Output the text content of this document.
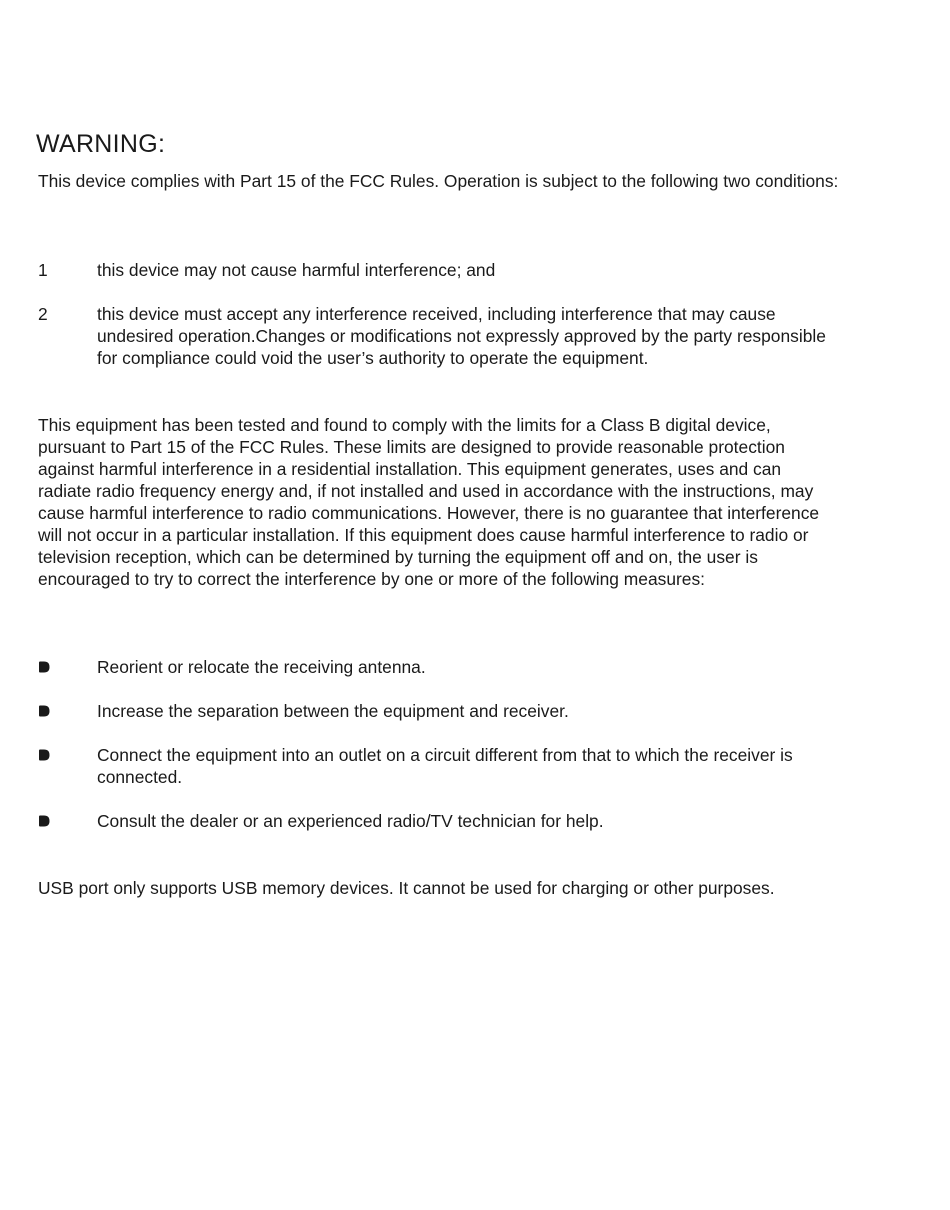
WARNING:

This device complies with Part 15 of the FCC Rules. Operation is subject to the following two conditions:

1	this device may not cause harmful interference; and
2	this device must accept any interference received, including interference that may cause undesired operation.Changes or modifications not expressly approved by the party responsible for compliance could void the user’s authority to operate the equipment.

This equipment has been tested and found to comply with the limits for a Class B digital device, pursuant to Part 15 of the FCC Rules. These limits are designed to provide reasonable protection against harmful interference in a residential installation. This equipment generates, uses and can radiate radio frequency energy and, if not installed and used in accordance with the instructions, may cause harmful interference to radio communications. However, there is no guarantee that interference will not occur in a particular installation. If this equipment does cause harmful interference to radio or television reception, which can be determined by turning the equipment off and on, the user is encouraged to try to correct the interference by one or more of the following measures:

Reorient or relocate the receiving antenna.
Increase the separation between the equipment and receiver.
Connect the equipment into an outlet on a circuit different from that to which the receiver is connected.
Consult the dealer or an experienced radio/TV technician for help.

USB port only supports USB memory devices. It cannot be used for charging or other purposes.
